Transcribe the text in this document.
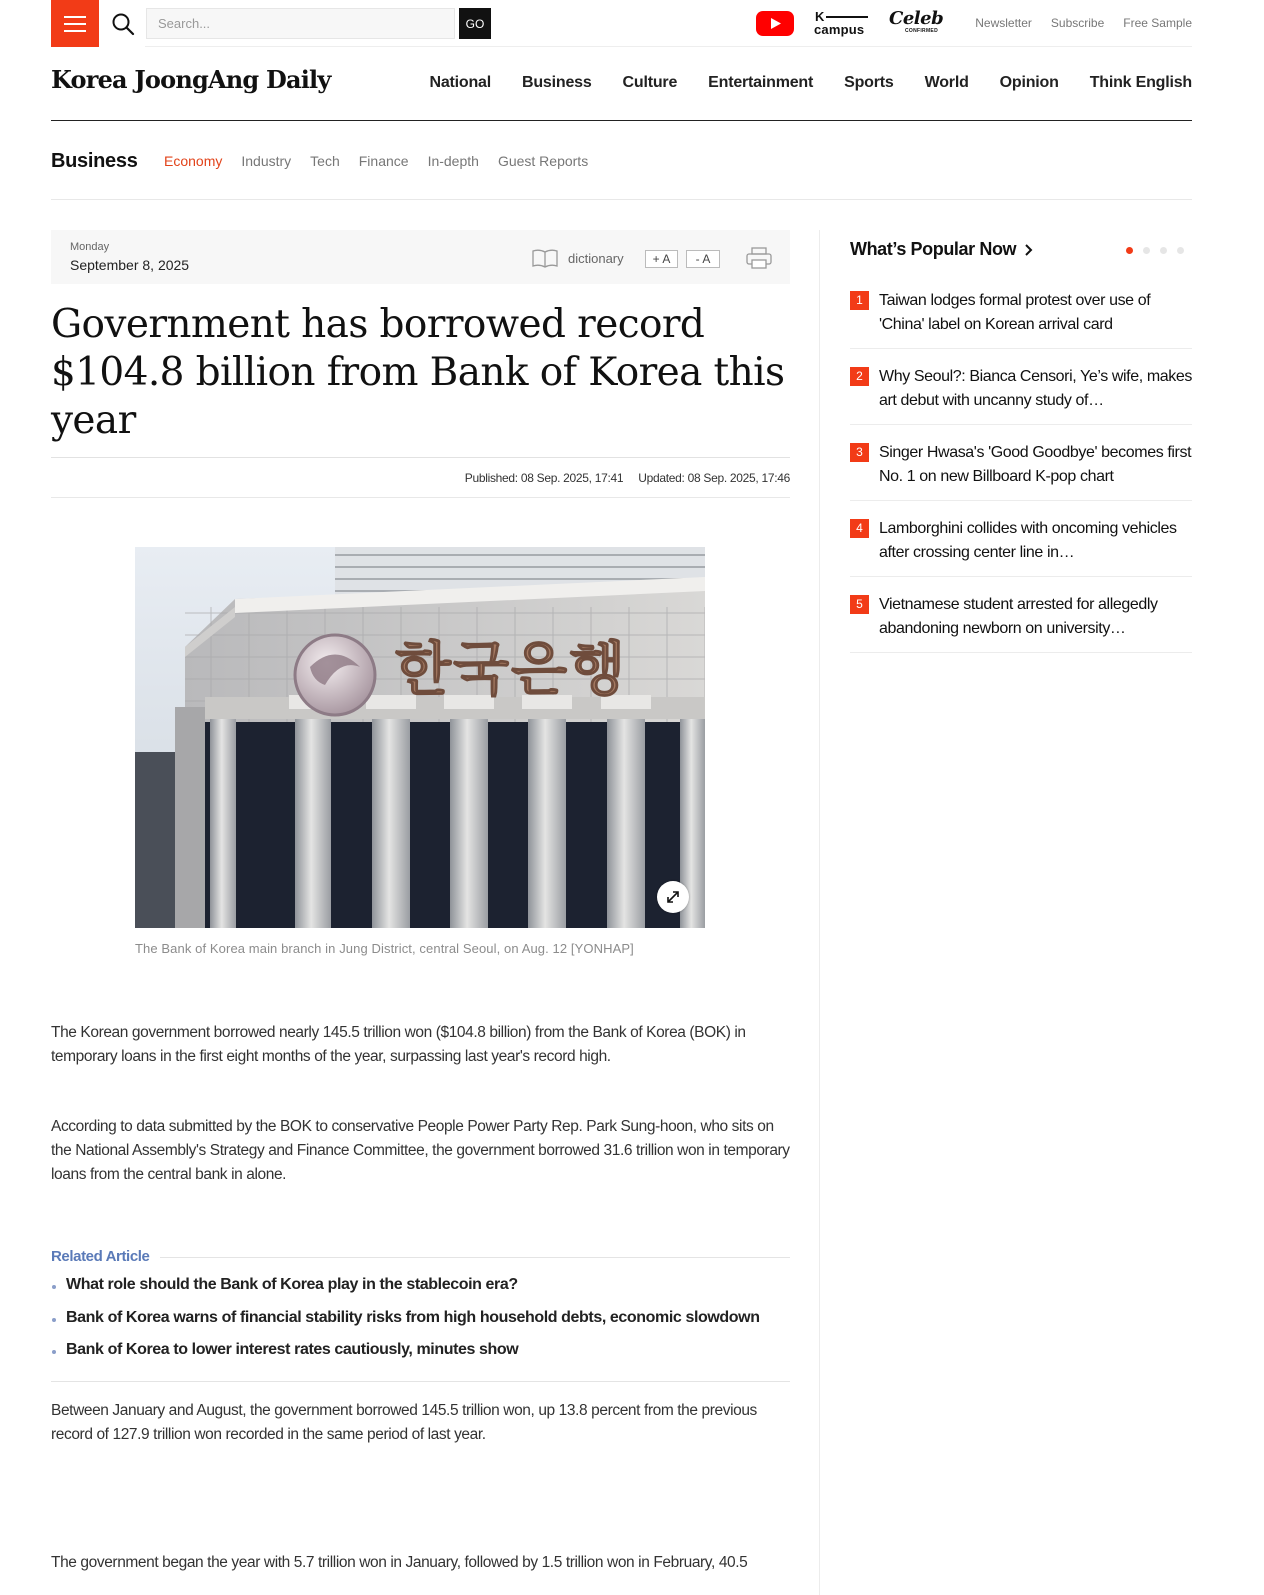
Search...
GO	K
campus
Celeb
CONFIRMED
Newsletter Subscribe Free Sample
Korea JoongAng Daily	National Business Culture Entertainment Sports World Opinion Think English
Business Economy Industry Tech Finance In-depth Guest Reports
Monday
September 8, 2025	dictionary	+ A	- A
Government has borrowed record $104.8 billion from Bank of Korea this year
Published: 08 Sep. 2025, 17:41 Updated: 08 Sep. 2025, 17:46
한국은행

The Bank of Korea main branch in Jung District, central Seoul, on Aug. 12 [YONHAP]

The Korean government borrowed nearly 145.5 trillion won ($104.8 billion) from the Bank of Korea (BOK) in temporary loans in the first eight months of the year, surpassing last year's record high.

According to data submitted by the BOK to conservative People Power Party Rep. Park Sung-hoon, who sits on the National Assembly's Strategy and Finance Committee, the government borrowed 31.6 trillion won in temporary loans from the central bank in alone.

Related Article
What role should the Bank of Korea play in the stablecoin era?
Bank of Korea warns of financial stability risks from high household debts, economic slowdown
Bank of Korea to lower interest rates cautiously, minutes show

Between January and August, the government borrowed 145.5 trillion won, up 13.8 percent from the previous record of 127.9 trillion won recorded in the same period of last year.

The government began the year with 5.7 trillion won in January, followed by 1.5 trillion won in February, 40.5

What’s Popular Now
1	Taiwan lodges formal protest over use of 'China' label on Korean arrival card
2	Why Seoul?: Bianca Censori, Ye’s wife, makes art debut with uncanny study of…
3	Singer Hwasa's 'Good Goodbye' becomes first No. 1 on new Billboard K-pop chart
4	Lamborghini collides with oncoming vehicles after crossing center line in…
5	Vietnamese student arrested for allegedly abandoning newborn on university…
